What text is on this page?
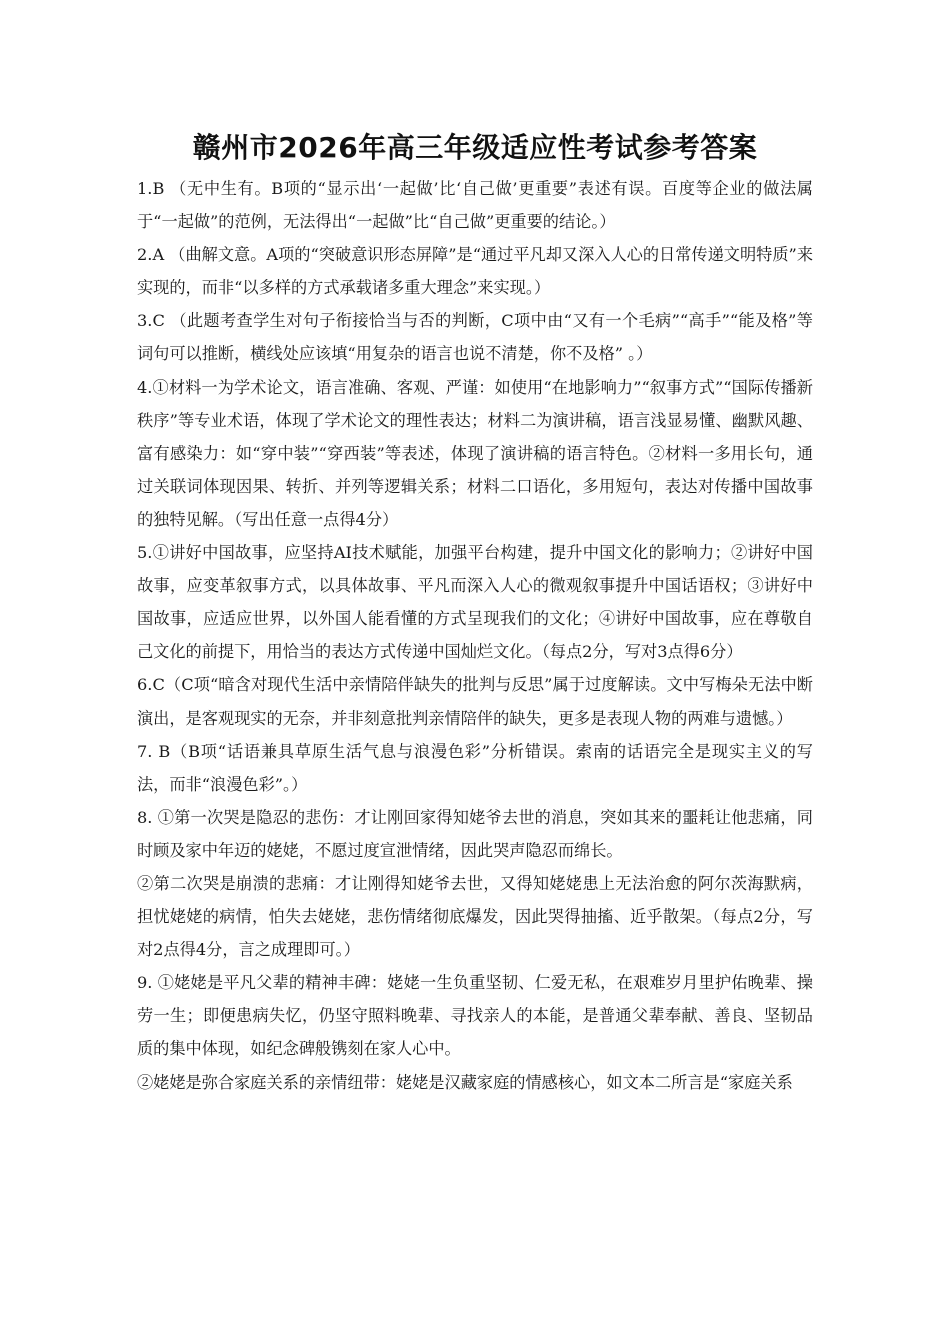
赣州市2026年高三年级适应性考试参考答案

1.B （无中生有。B项的“显示出‘一起做’比‘自己做’更重要”表述有误。百度等企业的做法属于“一起做”的范例，无法得出“一起做”比“自己做”更重要的结论。）

2.A （曲解文意。A项的“突破意识形态屏障”是“通过平凡却又深入人心的日常传递文明特质”来实现的，而非“以多样的方式承载诸多重大理念”来实现。）

3.C （此题考查学生对句子衔接恰当与否的判断，C项中由“又有一个毛病”“高手”“能及格”等词句可以推断，横线处应该填“用复杂的语言也说不清楚，你不及格” 。）

4.①材料一为学术论文，语言准确、客观、严谨：如使用“在地影响力”“叙事方式”“国际传播新秩序”等专业术语，体现了学术论文的理性表达；材料二为演讲稿，语言浅显易懂、幽默风趣、富有感染力：如“穿中装”“穿西装”等表述，体现了演讲稿的语言特色。②材料一多用长句，通过关联词体现因果、转折、并列等逻辑关系；材料二口语化，多用短句，表达对传播中国故事的独特见解。（写出任意一点得4分）

5.①讲好中国故事，应坚持AI技术赋能，加强平台构建，提升中国文化的影响力；②讲好中国故事，应变革叙事方式，以具体故事、平凡而深入人心的微观叙事提升中国话语权；③讲好中国故事，应适应世界，以外国人能看懂的方式呈现我们的文化；④讲好中国故事，应在尊敬自己文化的前提下，用恰当的表达方式传递中国灿烂文化。（每点2分，写对3点得6分）

6.C（C项“暗含对现代生活中亲情陪伴缺失的批判与反思”属于过度解读。文中写梅朵无法中断演出，是客观现实的无奈，并非刻意批判亲情陪伴的缺失，更多是表现人物的两难与遗憾。）

7. B（B项“话语兼具草原生活气息与浪漫色彩”分析错误。索南的话语完全是现实主义的写法，而非“浪漫色彩”。）

8. ①第一次哭是隐忍的悲伤：才让刚回家得知姥爷去世的消息，突如其来的噩耗让他悲痛，同时顾及家中年迈的姥姥，不愿过度宣泄情绪，因此哭声隐忍而绵长。

②第二次哭是崩溃的悲痛：才让刚得知姥爷去世，又得知姥姥患上无法治愈的阿尔茨海默病，担忧姥姥的病情，怕失去姥姥，悲伤情绪彻底爆发，因此哭得抽搐、近乎散架。（每点2分，写对2点得4分，言之成理即可。）

9. ①姥姥是平凡父辈的精神丰碑：姥姥一生负重坚韧、仁爱无私，在艰难岁月里护佑晚辈、操劳一生；即便患病失忆，仍坚守照料晚辈、寻找亲人的本能，是普通父辈奉献、善良、坚韧品质的集中体现，如纪念碑般镌刻在家人心中。

②姥姥是弥合家庭关系的亲情纽带：姥姥是汉藏家庭的情感核心，如文本二所言是“家庭关系
